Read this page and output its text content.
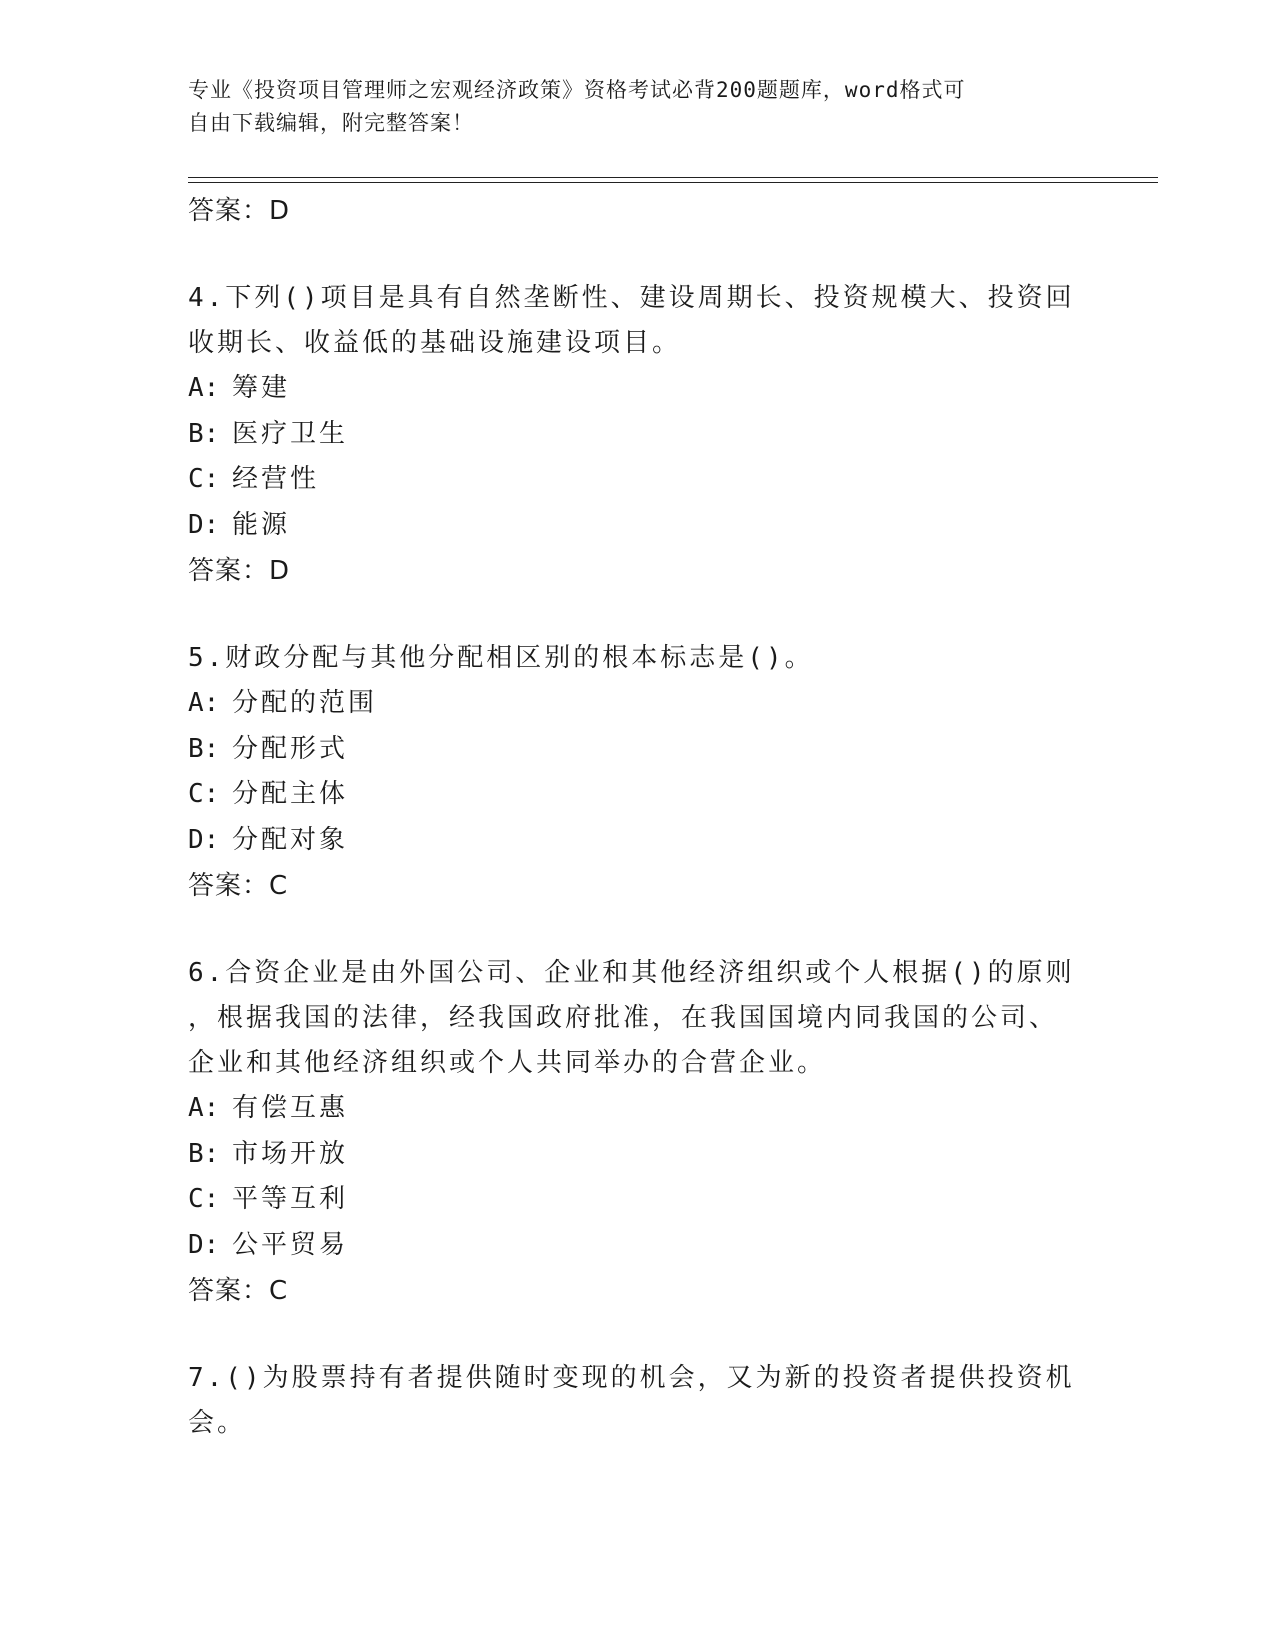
专业《投资项目管理师之宏观经济政策》资格考试必背200题题库，word格式可
自由下载编辑，附完整答案！
答案：D
4.下列()项目是具有自然垄断性、建设周期长、投资规模大、投资回
收期长、收益低的基础设施建设项目。
A: 筹建
B: 医疗卫生
C: 经营性
D: 能源
答案：D
5.财政分配与其他分配相区别的根本标志是()。
A: 分配的范围
B: 分配形式
C: 分配主体
D: 分配对象
答案：C
6.合资企业是由外国公司、企业和其他经济组织或个人根据()的原则
，根据我国的法律，经我国政府批准，在我国国境内同我国的公司、
企业和其他经济组织或个人共同举办的合营企业。
A: 有偿互惠
B: 市场开放
C: 平等互利
D: 公平贸易
答案：C
7.()为股票持有者提供随时变现的机会，又为新的投资者提供投资机
会。
